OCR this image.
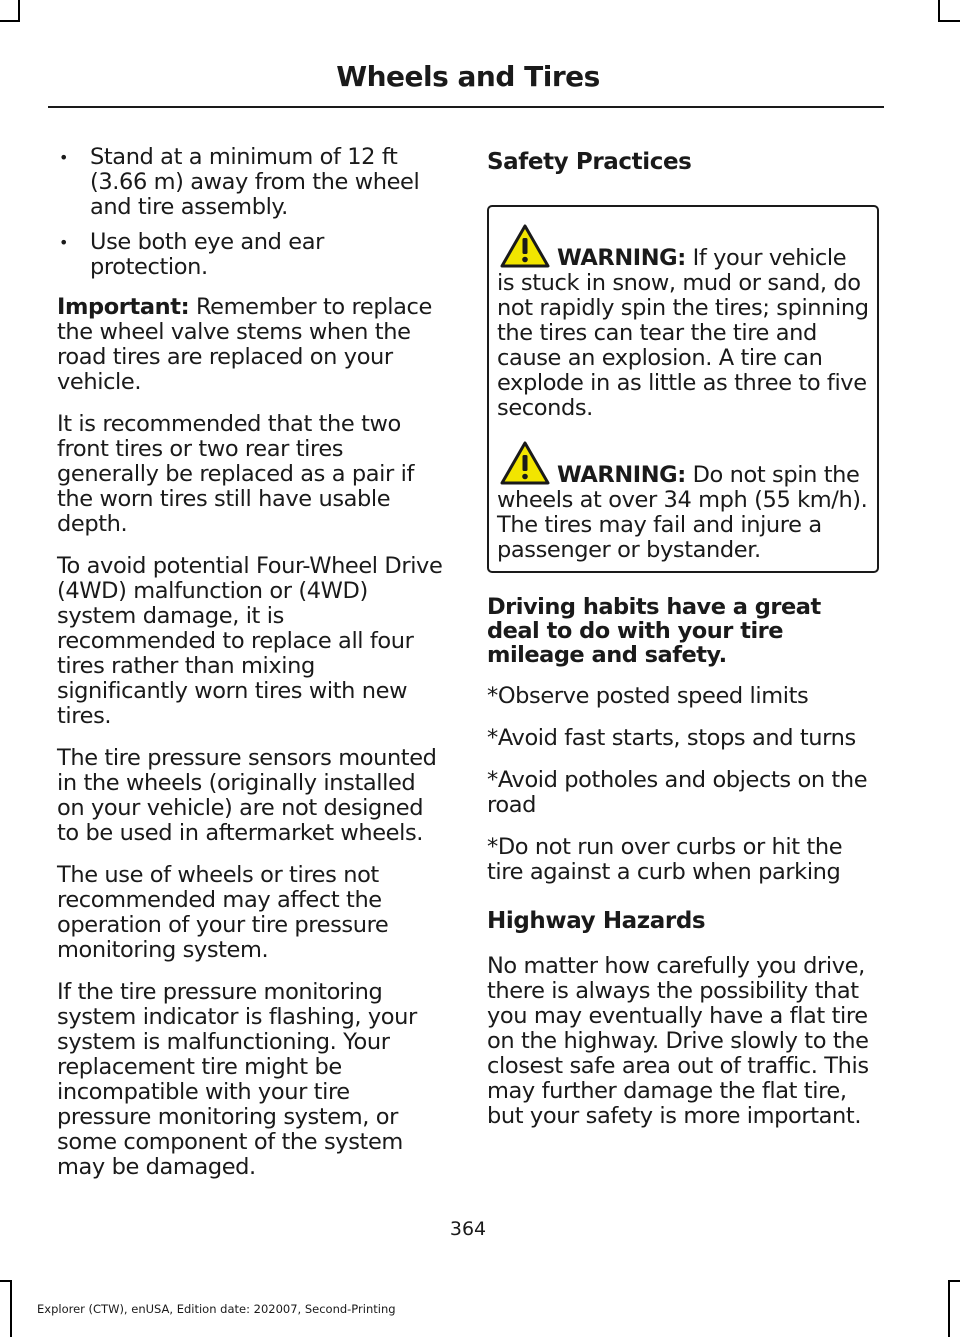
Wheels and Tires
• Stand at a minimum of 12 ft (3.66 m) away from the wheel and tire assembly.
• Use both eye and ear protection.

Important: Remember to replace the wheel valve stems when the road tires are replaced on your vehicle.

It is recommended that the two front tires or two rear tires generally be replaced as a pair if the worn tires still have usable depth.

To avoid potential Four-Wheel Drive (4WD) malfunction or (4WD) system damage, it is recommended to replace all four tires rather than mixing significantly worn tires with new tires.

The tire pressure sensors mounted in the wheels (originally installed on your vehicle) are not designed to be used in aftermarket wheels.

The use of wheels or tires not recommended may affect the operation of your tire pressure monitoring system.

If the tire pressure monitoring system indicator is flashing, your system is malfunctioning. Your replacement tire might be incompatible with your tire pressure monitoring system, or some component of the system may be damaged.

Safety Practices
WARNING: If your vehicle is stuck in snow, mud or sand, do not rapidly spin the tires; spinning the tires can tear the tire and cause an explosion. A tire can explode in as little as three to five seconds.
WARNING: Do not spin the wheels at over 34 mph (55 km/h). The tires may fail and injure a passenger or bystander.

Driving habits have a great deal to do with your tire mileage and safety.

*Observe posted speed limits

*Avoid fast starts, stops and turns

*Avoid potholes and objects on the road

*Do not run over curbs or hit the tire against a curb when parking

Highway Hazards

No matter how carefully you drive, there is always the possibility that you may eventually have a flat tire on the highway. Drive slowly to the closest safe area out of traffic. This may further damage the flat tire, but your safety is more important.

364
Explorer (CTW), enUSA, Edition date: 202007, Second-Printing
